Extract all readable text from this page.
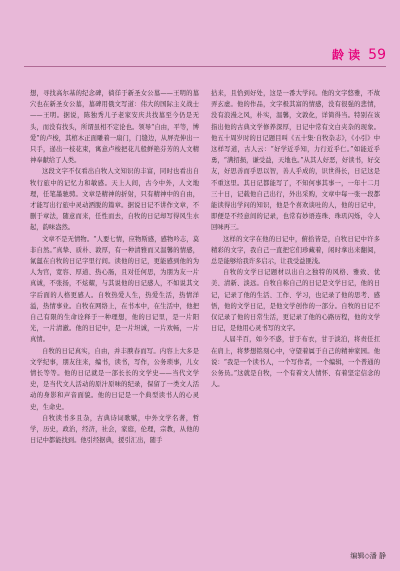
龄 读 59

想，寻找高尔基的纪念碑，徜徉于新圣女公墓——王明的墓穴也在新圣女公墓，墓碑用俄文写道：伟大的国际主义战士——王明。据说，陈独秀儿子老家安庆共找墓至今仍是无头，而没有找头，所谓虽相不定论也。领导“自由，平等，博爱”的卢梭，其棺木正面雕着一扇门，门缝边，从屏壳伸出一只手，递出一枝花束，寓意卢梭把花儿般鲜艳芬芳的人文精神奉献给了人类。

这段文字不仅看出自牧人文知识的丰富，同时也看出自牧行旅中的记忆力和敏感。天上人间，古今中外，人文地理，任笔墨驰骋。文章是精神的折射，只有精神中的自由，才能写出行旅中灵动洒脱的篇章。据说日记不讲作文章，不删于章法，随意而来，任性而去，自牧的日记却写得风生水起，韵味盎然。

文章不是无情物。“人要七情，应物斯感，感物吟志，莫非自然。”真挚、质朴、敦厚，有一种清雅而又温馨的情感，氤氲在自牧的日记字里行间。读他的日记，更能感到他的为人为官，宽容、厚道、热心肠，且对任何思，为朋为友一片真诚，不张扬，不炫耀，与其说他的日记感人，不如说其文字后面的人格更感人。自牧热爱人生，热爱生活，热情洋溢，热情事业。自牧在网络上，在书本中，在生活中，他把自己有限的生命诠释于一种理想，他的日记里，是一片阳光，一片清澈。他的日记中，是一片坦诚，一片欢畅，一片真情。

自牧的日记真实，自由，并丰腴春而写。内容上大多是文学纪事，朋友往来，编书，读书，写作，公务琐事，儿女情长等等。他的日记就是一部长长的文学史——当代文学史，是当代文人活动的原汁原味的纪录，保留了一类文人活动的身影和声音面貌。他的日记是一个典型读书人的心灵史，生命史。

自牧读书多且杂，古典诗词歌赋，中外文学名著，哲学，历史，政治，经济，社会，家庭，伦理，宗教，从他的日记中都能找到。他引经据典，援引汇出，随手

拈来，且恰到好处，这是一番大学问。他的文字悠雅，不故弄玄虚。他的作品，文字极其富的情感，没有很强的悲情，没有浪漫之风，朴实，温馨，文敦化，详简得当。特别在该指出他的古典文学修养深厚，日记中常有文白夹杂的现象。他五十周岁时的日记题目叫《五十集·自牧杂志》，《小引》中这样写道，古人云：“好学近乎知，力行近乎仁。”如能近乎勇，“满招损，谦受益，天地也。”从其人好恶，好读书，好交友，好思善而乎思以智，善人乎成的，识世得长，日记这是不重这里。其日记都能写了，不知何事其事一，一年十二月三十日，记载他自己出行，外出采购，文章中每一张一段都能读得出学问的知识，他是个喜欢谈吐的人，他的日记中，即便是不经意间的记录，也常有妙语连珠、珠玑闪烁，令人回味再三。

这样的文字在他的日记中，俯拾皆是，自牧日记中许多精彩的文字，我自己一直把它们珍藏着，闲时拿出来翻阅，总是能够给我许多启示，让我受益匪浅。

自牧的文学日记题材以出自之独特的风格、雅致、优美、清新、淡远。自牧自称自己的日记是文学日记，他的日记，记录了他的生活、工作、学习，也记录了他的思考、感悟，他的文学日记，是他文学创作的一部分。自牧的日记不仅记录了他的日常生活，更记录了他的心路历程，他的文学日记，是他用心灵书写的文字。

人届半百，如今不惑，甘于布衣，甘于淡泊，将责任扛在肩上，将梦想铭刻心中，守望着属于自己的精神家园。他说：“我是一个读书人，一个写作者，一个编辑，一个普通的公务员。”这就是自牧，一个有着文人情怀、有着坚定信念的人。

编辑◇潘 静
